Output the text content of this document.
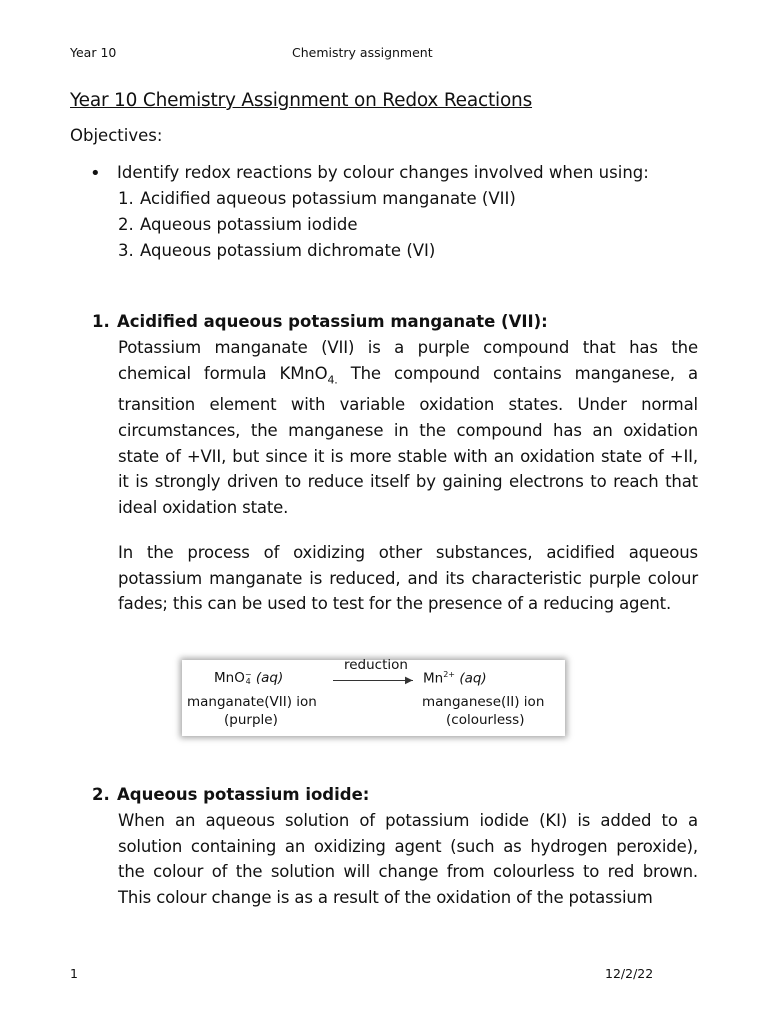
Year 10	Chemistry assignment
Year 10 Chemistry Assignment on Redox Reactions
Objectives:
• Identify redox reactions by colour changes involved when using:
1. Acidified aqueous potassium manganate (VII)
2. Aqueous potassium iodide
3. Aqueous potassium dichromate (VI)
1. Acidified aqueous potassium manganate (VII):
Potassium manganate (VII) is a purple compound that has the chemical formula KMnO$_{4.}$ The compound contains manganese, a transition element with variable oxidation states. Under normal circumstances, the manganese in the compound has an oxidation state of +VII, but since it is more stable with an oxidation state of +II, it is strongly driven to reduce itself by gaining electrons to reach that ideal oxidation state.
In the process of oxidizing other substances, acidified aqueous potassium manganate is reduced, and its characteristic purple colour fades; this can be used to test for the presence of a reducing agent.
MnO−
4 (aq)
reduction
▶ $Mn^{2+}$ (aq)
manganate(VII) ion
(purple)
manganese(II) ion
(colourless)
2. Aqueous potassium iodide:
When an aqueous solution of potassium iodide (KI) is added to a solution containing an oxidizing agent (such as hydrogen peroxide), the colour of the solution will change from colourless to red brown. This colour change is as a result of the oxidation of the potassium
1	12/2/22
